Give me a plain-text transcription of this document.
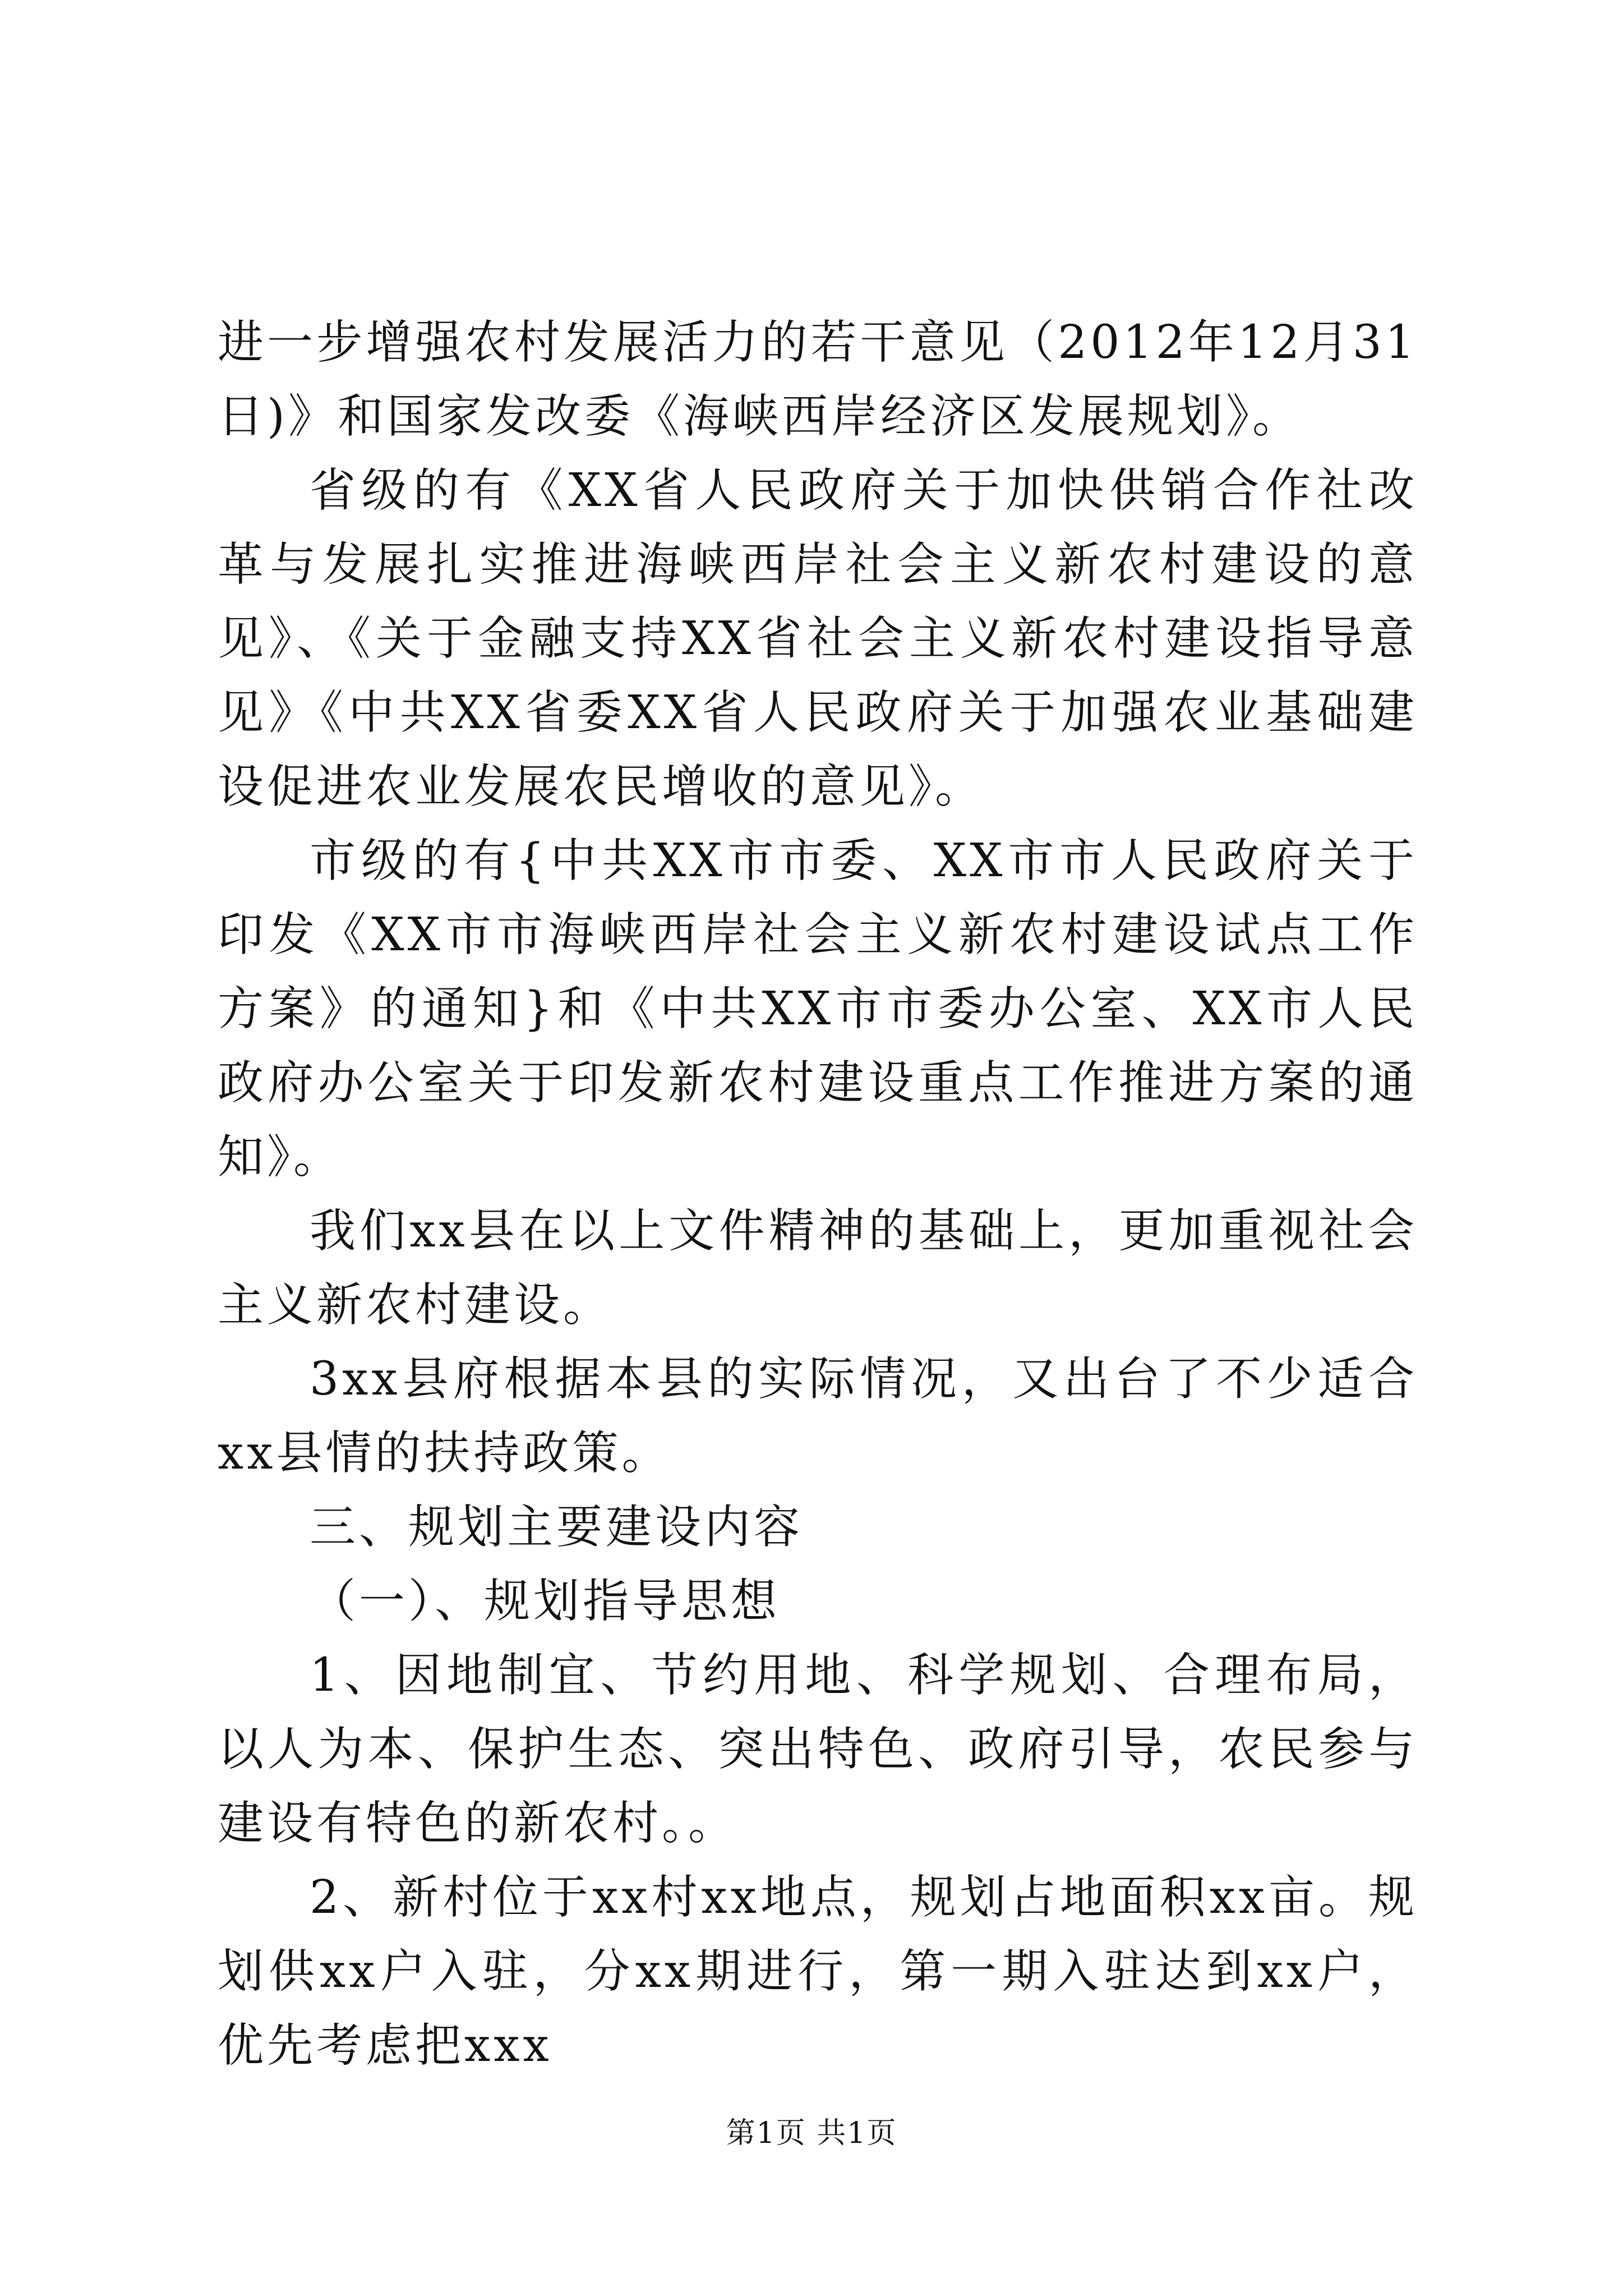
进一步增强农村发展活力的若干意见（2012年12月31日)》和国家发改委《海峡西岸经济区发展规划》。

省级的有《XX省人民政府关于加快供销合作社改革与发展扎实推进海峡西岸社会主义新农村建设的意见》、《关于金融支持XX省社会主义新农村建设指导意见》《中共XX省委XX省人民政府关于加强农业基础建设促进农业发展农民增收的意见》。

市级的有{中共XX市市委、XX市市人民政府关于印发《XX市市海峡西岸社会主义新农村建设试点工作方案》的通知}和《中共XX市市委办公室、XX市人民政府办公室关于印发新农村建设重点工作推进方案的通知》。

我们xx县在以上文件精神的基础上，更加重视社会主义新农村建设。

3xx县府根据本县的实际情况，又出台了不少适合xx县情的扶持政策。

三、规划主要建设内容

（一）、规划指导思想

1、因地制宜、节约用地、科学规划、合理布局，以人为本、保护生态、突出特色、政府引导，农民参与建设有特色的新农村。。

2、新村位于xx村xx地点，规划占地面积xx亩。规划供xx户入驻，分xx期进行，第一期入驻达到xx户，优先考虑把xxx

第1页 共1页
